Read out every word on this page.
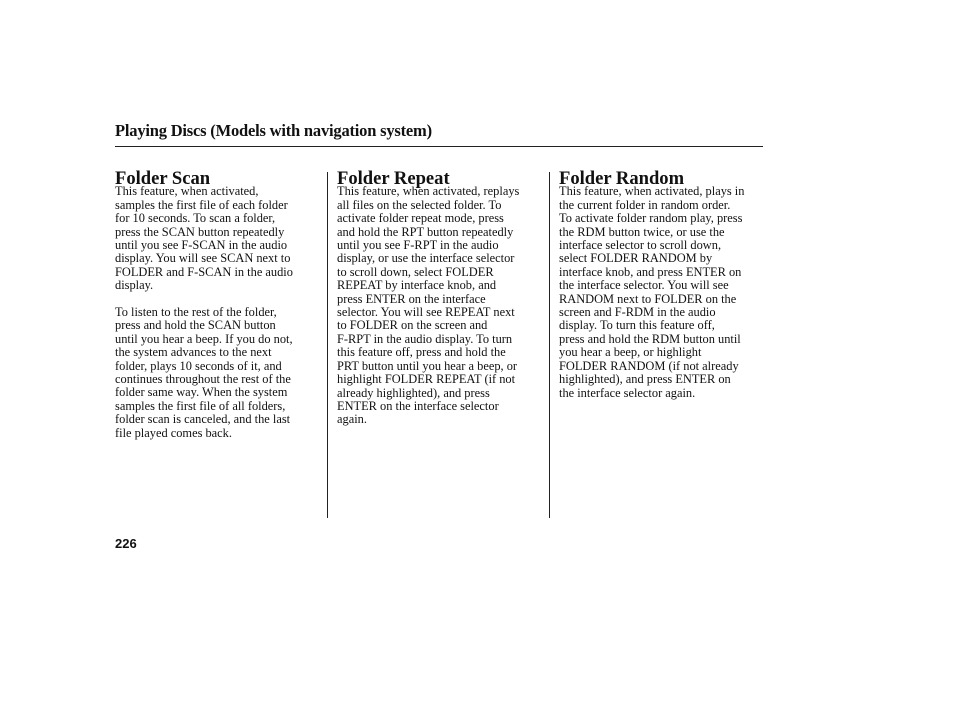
Playing Discs (Models with navigation system)
Folder Scan

This feature, when activated,
samples the first file of each folder
for 10 seconds. To scan a folder,
press the SCAN button repeatedly
until you see F-SCAN in the audio
display. You will see SCAN next to
FOLDER and F-SCAN in the audio
display.

To listen to the rest of the folder,
press and hold the SCAN button
until you hear a beep. If you do not,
the system advances to the next
folder, plays 10 seconds of it, and
continues throughout the rest of the
folder same way. When the system
samples the first file of all folders,
folder scan is canceled, and the last
file played comes back.

Folder Repeat

This feature, when activated, replays
all files on the selected folder. To
activate folder repeat mode, press
and hold the RPT button repeatedly
until you see F-RPT in the audio
display, or use the interface selector
to scroll down, select FOLDER
REPEAT by interface knob, and
press ENTER on the interface
selector. You will see REPEAT next
to FOLDER on the screen and
F-RPT in the audio display. To turn
this feature off, press and hold the
PRT button until you hear a beep, or
highlight FOLDER REPEAT (if not
already highlighted), and press
ENTER on the interface selector
again.

Folder Random

This feature, when activated, plays in
the current folder in random order.
To activate folder random play, press
the RDM button twice, or use the
interface selector to scroll down,
select FOLDER RANDOM by
interface knob, and press ENTER on
the interface selector. You will see
RANDOM next to FOLDER on the
screen and F-RDM in the audio
display. To turn this feature off,
press and hold the RDM button until
you hear a beep, or highlight
FOLDER RANDOM (if not already
highlighted), and press ENTER on
the interface selector again.

226
